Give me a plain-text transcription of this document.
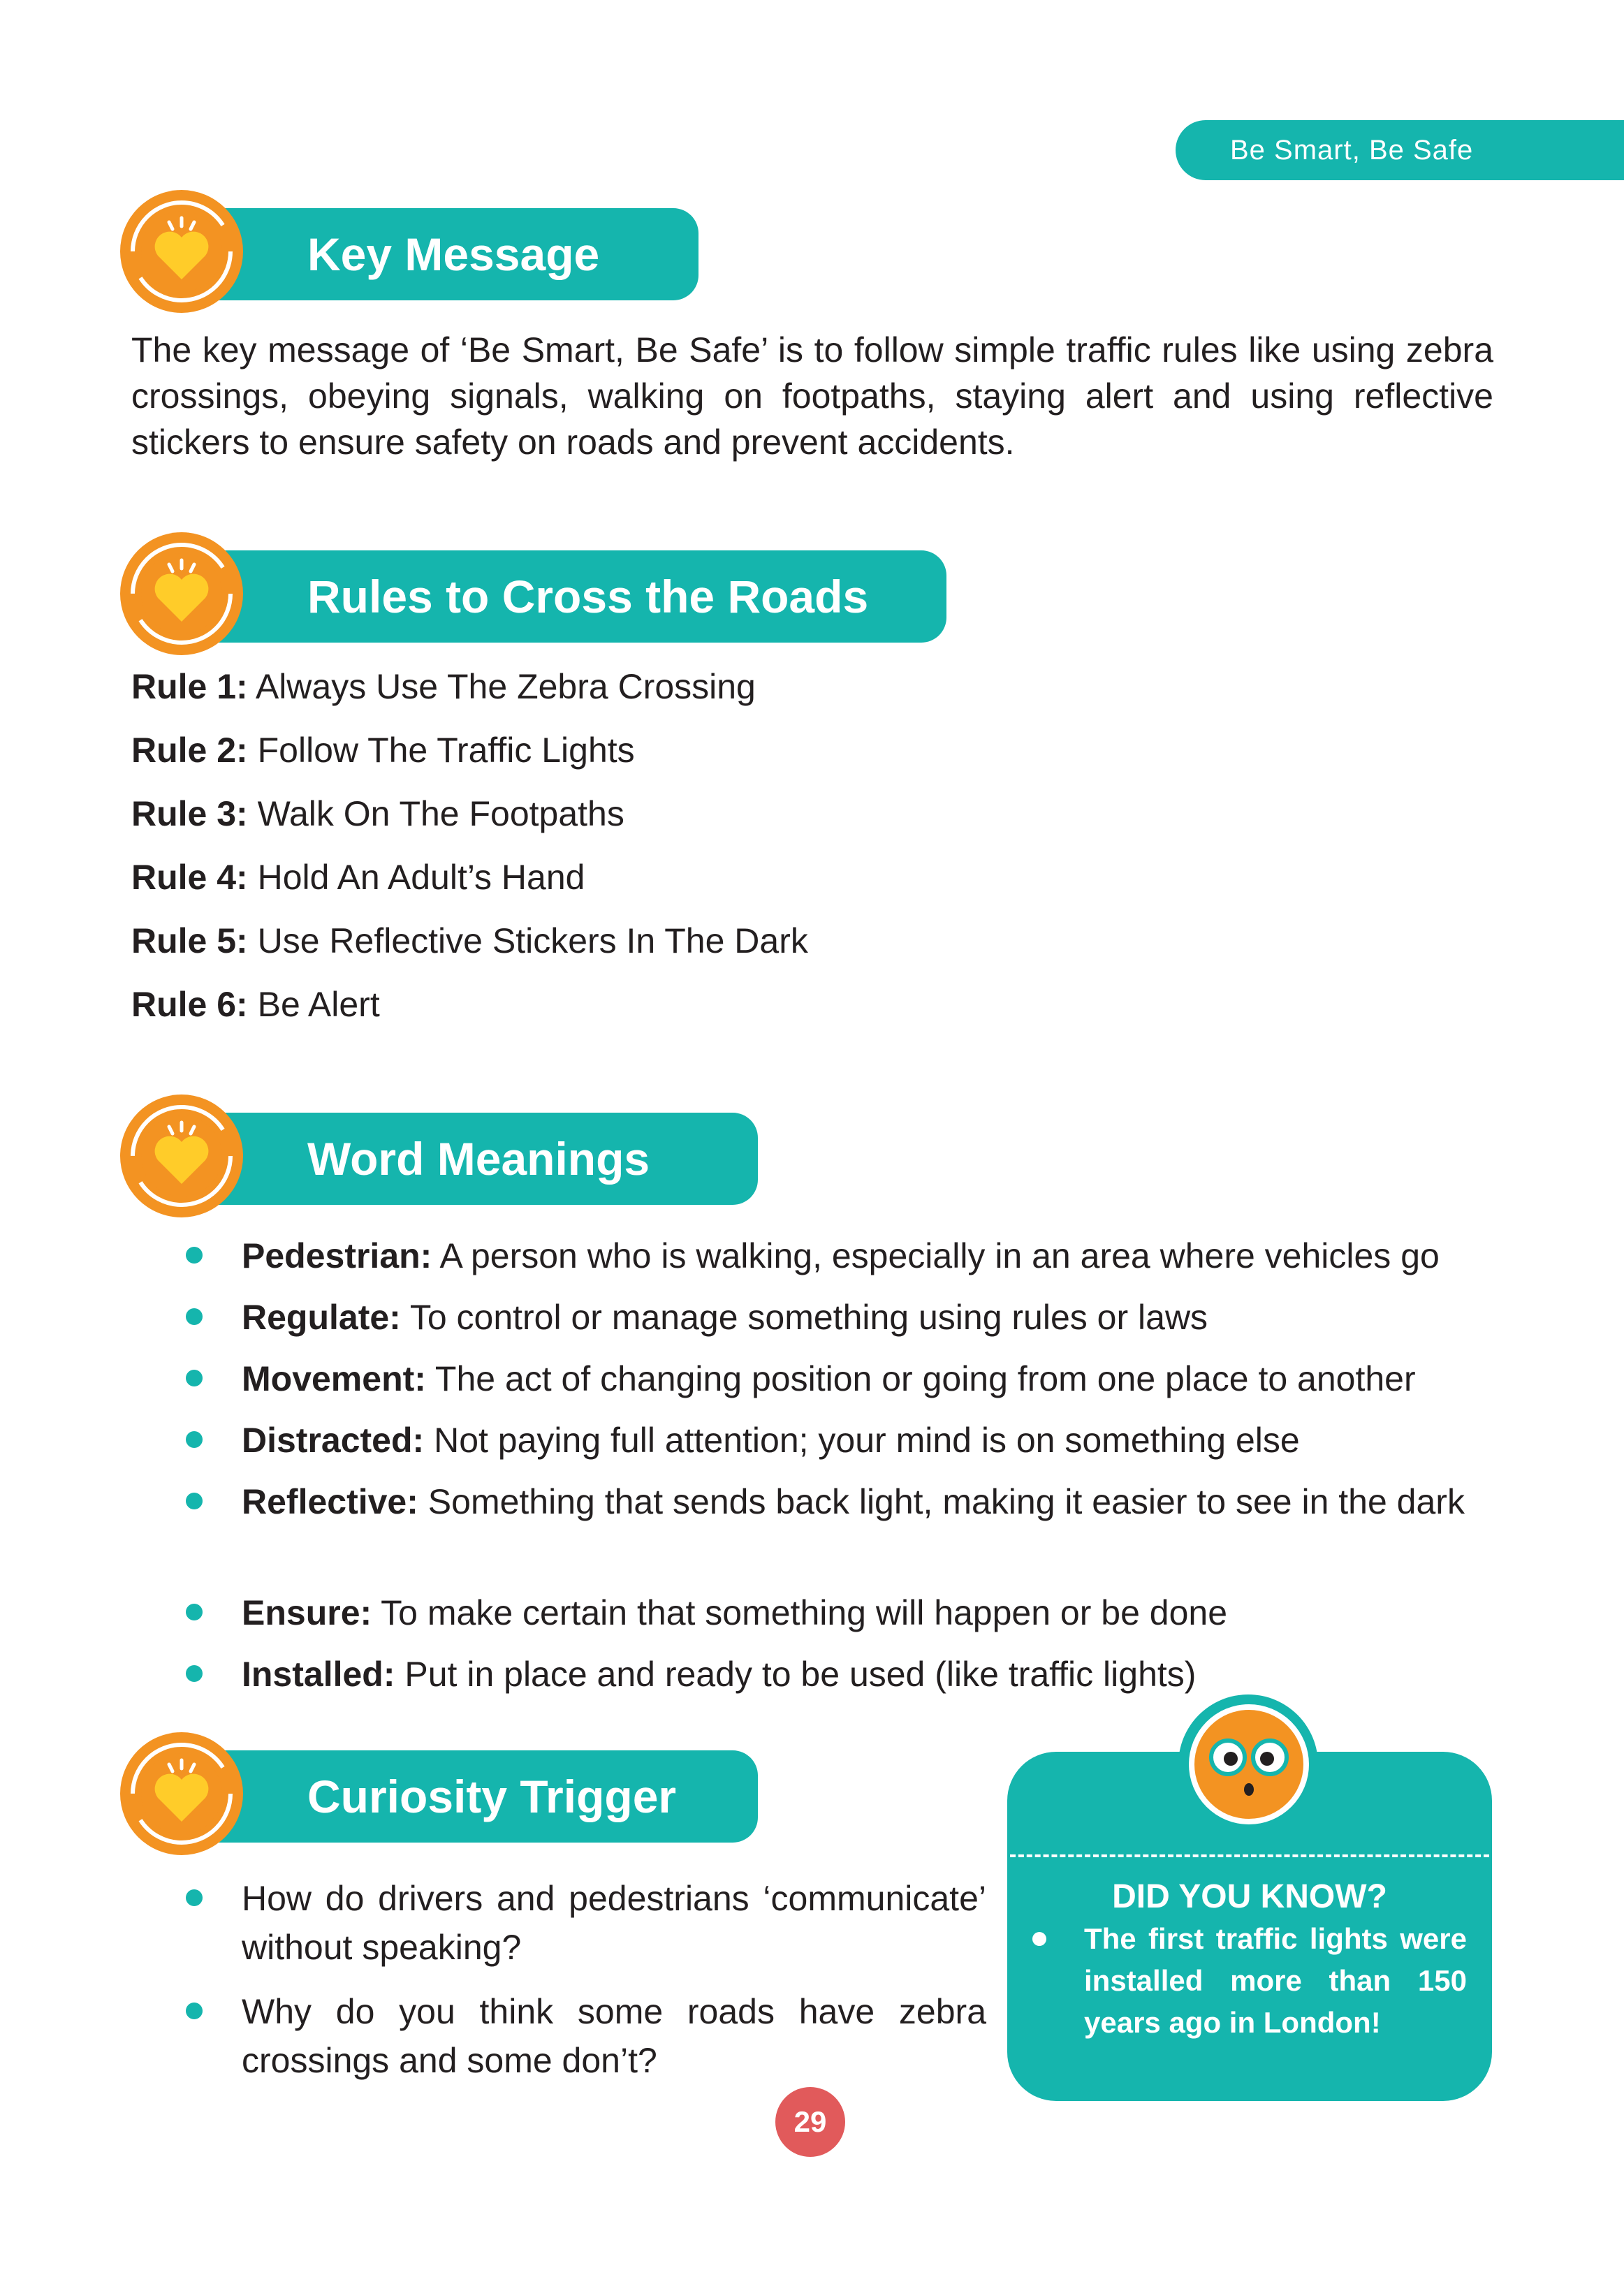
Be Smart, Be Safe
Key Message
The key message of ‘Be Smart, Be Safe’ is to follow simple traffic rules like using zebra crossings, obeying signals, walking on footpaths, staying alert and using reflective stickers to ensure safety on roads and prevent accidents.
Rules to Cross the Roads
Rule 1: Always Use The Zebra Crossing
Rule 2: Follow The Traffic Lights
Rule 3: Walk On The Footpaths
Rule 4: Hold An Adult’s Hand
Rule 5: Use Reflective Stickers In The Dark
Rule 6: Be Alert
Word Meanings
Pedestrian: A person who is walking, especially in an area where vehicles go
Regulate: To control or manage something using rules or laws
Movement: The act of changing position or going from one place to another
Distracted: Not paying full attention; your mind is on something else
Reflective: Something that sends back light, making it easier to see in the dark
Ensure: To make certain that something will happen or be done
Installed: Put in place and ready to be used (like traffic lights)
Curiosity Trigger
How do drivers and pedestrians ‘communicate’ without speaking?
Why do you think some roads have zebra crossings and some don’t?
DID YOU KNOW?
The first traffic lights were installed more than 150 years ago in London!
29
